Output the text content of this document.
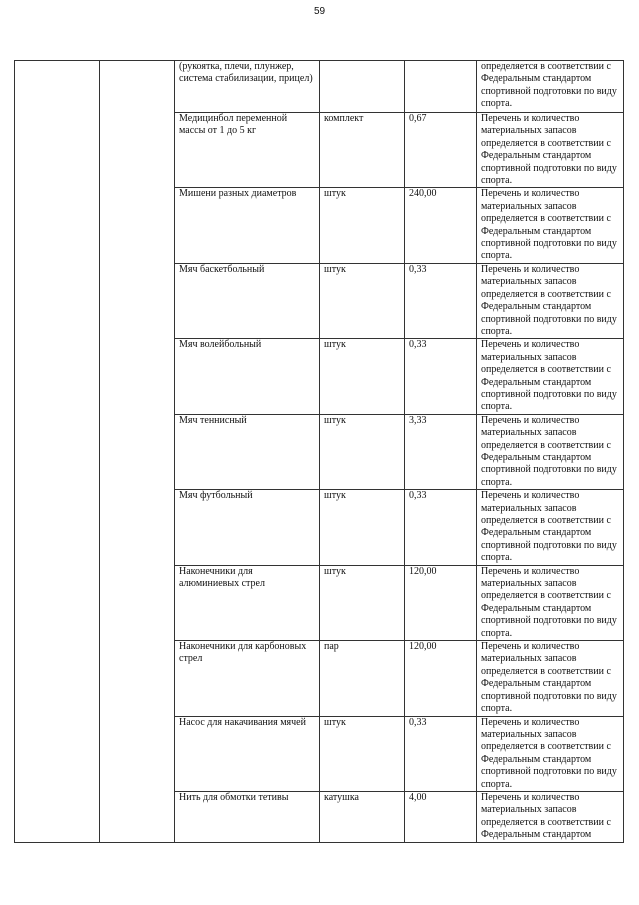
59
		(рукоятка, плечи, плунжер, система стабилизации, прицел)			определяется в соответствии с Федеральным стандартом спортивной подготовки по виду спорта.
		Медицинбол переменной массы от 1 до 5 кг	комплект	0,67	Перечень и количество материальных запасов определяется в соответствии с Федеральным стандартом спортивной подготовки по виду спорта.
		Мишени разных диаметров	штук	240,00	Перечень и количество материальных запасов определяется в соответствии с Федеральным стандартом спортивной подготовки по виду спорта.
		Мяч баскетбольный	штук	0,33	Перечень и количество материальных запасов определяется в соответствии с Федеральным стандартом спортивной подготовки по виду спорта.
		Мяч волейбольный	штук	0,33	Перечень и количество материальных запасов определяется в соответствии с Федеральным стандартом спортивной подготовки по виду спорта.
		Мяч теннисный	штук	3,33	Перечень и количество материальных запасов определяется в соответствии с Федеральным стандартом спортивной подготовки по виду спорта.
		Мяч футбольный	штук	0,33	Перечень и количество материальных запасов определяется в соответствии с Федеральным стандартом спортивной подготовки по виду спорта.
		Наконечники для алюминиевых стрел	штук	120,00	Перечень и количество материальных запасов определяется в соответствии с Федеральным стандартом спортивной подготовки по виду спорта.
		Наконечники для карбоновых стрел	пар	120,00	Перечень и количество материальных запасов определяется в соответствии с Федеральным стандартом спортивной подготовки по виду спорта.
		Насос для накачивания мячей	штук	0,33	Перечень и количество материальных запасов определяется в соответствии с Федеральным стандартом спортивной подготовки по виду спорта.
		Нить для обмотки тетивы	катушка	4,00	Перечень и количество материальных запасов определяется в соответствии с Федеральным стандартом
